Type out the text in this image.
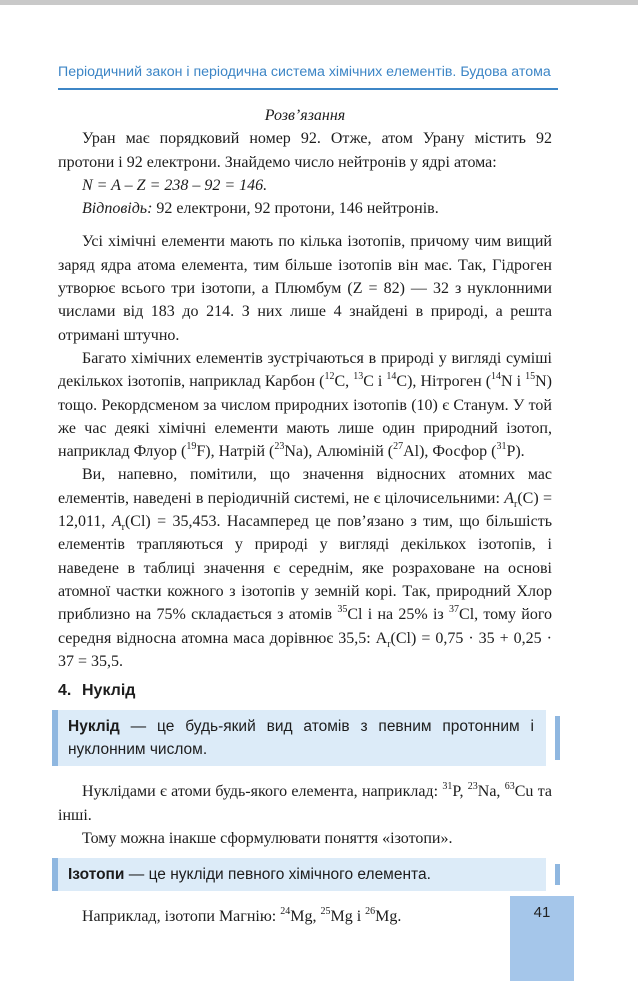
Періодичний закон і періодична система хімічних елементів. Будова атома

Розв’язання

Уран має порядковий номер 92. Отже, атом Урану містить 92 протони і 92 електрони. Знайдемо число нейтронів у ядрі атома:

N = A – Z = 238 – 92 = 146.

Відповідь: 92 електрони, 92 протони, 146 нейтронів.

Усі хімічні елементи мають по кілька ізотопів, причому чим вищий заряд ядра атома елемента, тим більше ізотопів він має. Так, Гідроген утворює всього три ізотопи, а Плюмбум (Z = 82) — 32 з нуклонними числами від 183 до 214. З них лише 4 знайдені в природі, а решта отримані штучно.

Багато хімічних елементів зустрічаються в природі у вигляді суміші декількох ізотопів, наприклад Карбон ($^{12}$C, $^{13}$C і $^{14}$C), Нітроген ($^{14}$N і $^{15}$N) тощо. Рекордсменом за числом природних ізотопів (10) є Станум. У той же час деякі хімічні елементи мають лише один природний ізотоп, наприклад Флуор ($^{19}$F), Натрій ($^{23}$Na), Алюміній ($^{27}$Al), Фосфор ($^{31}$P).

Ви, напевно, помітили, що значення відносних атомних мас елементів, наведені в періодичній системі, не є цілочисельними: $A_r(C) = 12,011$, $A_r(Cl) = 35,453$. Насамперед це пов’язано з тим, що більшість елементів трапляються у природі у вигляді декількох ізотопів, і наведене в таблиці значення є середнім, яке розраховане на основі атомної частки кожного з ізотопів у земній корі. Так, природний Хлор приблизно на 75% складається з атомів $^{35}$Cl і на 25% із $^{37}$Cl, тому його середня відносна атомна маса дорівнює 35,5: $A_r(Cl) = 0,75 \cdot 35 + 0,25 \cdot 37 = 35,5$.

4. Нуклід

Нуклід — це будь-який вид атомів з певним протонним і нуклонним числом.

Нуклідами є атоми будь-якого елемента, наприклад: $^{31}$P, $^{23}$Na, $^{63}$Cu та інші.

Тому можна інакше сформулювати поняття «ізотопи».

Ізотопи — це нукліди певного хімічного елемента.

Наприклад, ізотопи Магнію: $^{24}$Mg, $^{25}$Mg і $^{26}$Mg.	41
